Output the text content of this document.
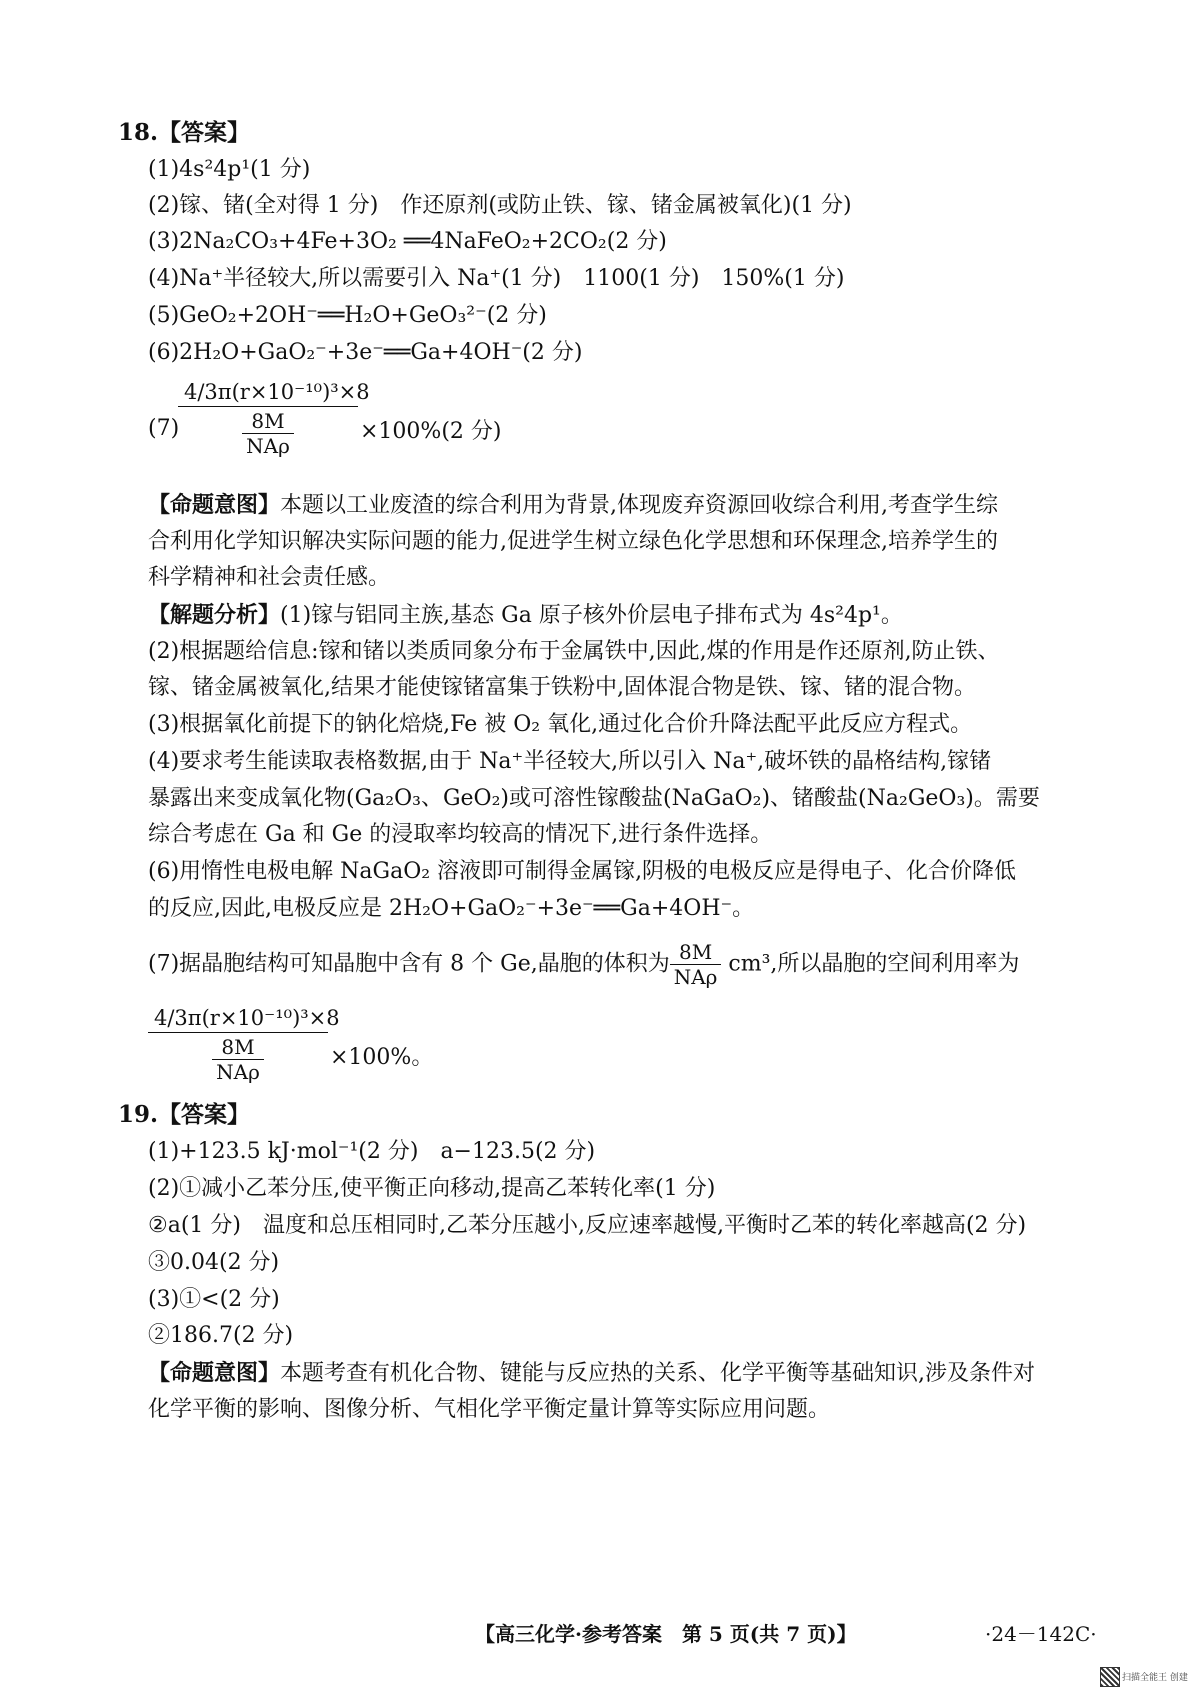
18.【答案】
(1)4s²4p¹(1 分)
(2)镓、锗(全对得 1 分)　作还原剂(或防止铁、镓、锗金属被氧化)(1 分)
(3)2Na₂CO₃+4Fe+3O₂ ══4NaFeO₂+2CO₂(2 分)
(4)Na⁺半径较大,所以需要引入 Na⁺(1 分)　1100(1 分)　150%(1 分)
(5)GeO₂+2OH⁻══H₂O+GeO₃²⁻(2 分)
(6)2H₂O+GaO₂⁻+3e⁻══Ga+4OH⁻(2 分)
(7)
4/3π(r×10⁻¹⁰)³×8
$\frac{8M}{\text{NAρ}}$	×100%(2 分)
【命题意图】本题以工业废渣的综合利用为背景,体现废弃资源回收综合利用,考查学生综
合利用化学知识解决实际问题的能力,促进学生树立绿色化学思想和环保理念,培养学生的
科学精神和社会责任感。
【解题分析】(1)镓与铝同主族,基态 Ga 原子核外价层电子排布式为 4s²4p¹。
(2)根据题给信息:镓和锗以类质同象分布于金属铁中,因此,煤的作用是作还原剂,防止铁、
镓、锗金属被氧化,结果才能使镓锗富集于铁粉中,固体混合物是铁、镓、锗的混合物。
(3)根据氧化前提下的钠化焙烧,Fe 被 O₂ 氧化,通过化合价升降法配平此反应方程式。
(4)要求考生能读取表格数据,由于 Na⁺半径较大,所以引入 Na⁺,破坏铁的晶格结构,镓锗
暴露出来变成氧化物(Ga₂O₃、GeO₂)或可溶性镓酸盐(NaGaO₂)、锗酸盐(Na₂GeO₃)。需要
综合考虑在 Ga 和 Ge 的浸取率均较高的情况下,进行条件选择。
(6)用惰性电极电解 NaGaO₂ 溶液即可制得金属镓,阴极的电极反应是得电子、化合价降低
的反应,因此,电极反应是 2H₂O+GaO₂⁻+3e⁻══Ga+4OH⁻。
(7)据晶胞结构可知晶胞中含有 8 个 Ge,晶胞的体积为 $\frac{8M}{\text{NAρ}} cm^3$,所以晶胞的空间利用率为
4/3π(r×10⁻¹⁰)³×8
$\frac{8M}{\text{NAρ}}$	×100%。
19.【答案】
(1)+123.5 kJ·mol⁻¹(2 分)　a−123.5(2 分)
(2)①减小乙苯分压,使平衡正向移动,提高乙苯转化率(1 分)
②a(1 分)　温度和总压相同时,乙苯分压越小,反应速率越慢,平衡时乙苯的转化率越高(2 分)
③0.04(2 分)
(3)①<(2 分)
②186.7(2 分)
【命题意图】本题考查有机化合物、键能与反应热的关系、化学平衡等基础知识,涉及条件对
化学平衡的影响、图像分析、气相化学平衡定量计算等实际应用问题。
【高三化学·参考答案　第 5 页(共 7 页)】	·24－142C·
扫描全能王 创建
